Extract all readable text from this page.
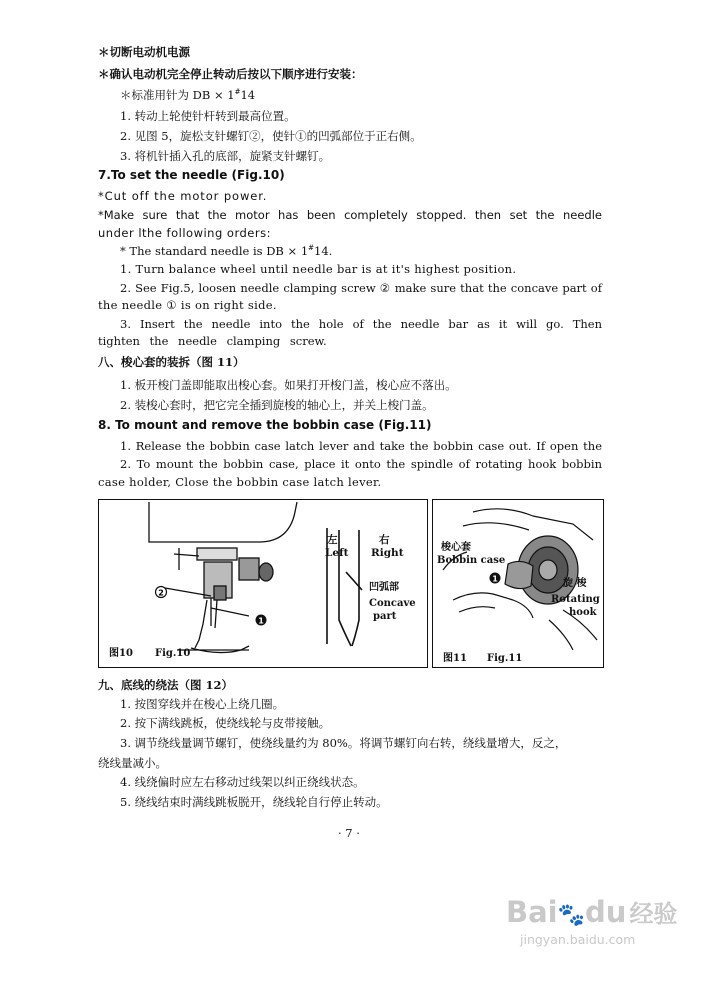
＊切断电动机电源
＊确认电动机完全停止转动后按以下顺序进行安装：
＊标准用针为 DB × 1#14
1. 转动上轮使针杆转到最高位置。
2. 见图 5，旋松支针螺钉②，使针①的凹弧部位于正右侧。
3. 将机针插入孔的底部，旋紧支针螺钉。
7.To set the needle (Fig.10)
*Cut off the motor power.
*Make sure that the motor has been completely stopped. then set the needle
under lthe following orders:
* The standard needle is DB × 1#14.
1. Turn balance wheel until needle bar is at it's highest position.
2. See Fig.5, loosen needle clamping screw ② make sure that the concave part of
the needle ① is on right side.
3. Insert the needle into the hole of the needle bar as it will go. Then
tighten the needle clamping screw.
八、梭心套的装拆（图 11）
1. 板开梭门盖即能取出梭心套。如果打开梭门盖，梭心应不落出。
2. 装梭心套时，把它完全插到旋梭的轴心上，并关上梭门盖。
8. To mount and remove the bobbin case (Fig.11)
1. Release the bobbin case latch lever and take the bobbin case out. If open the
2. To mount the bobbin case, place it onto the spindle of rotating hook bobbin
case holder, Close the bobbin case latch lever.
2
1
左
Left
右
Right
凹弧部
Concave
part
图10 Fig.10
1
梭心套
Bobbin case
旋 梭
Rotating
hook
图11 Fig.11
九、底线的绕法（图 12）
1. 按图穿线并在梭心上绕几圈。
2. 按下满线跳板，使绕线轮与皮带接触。
3. 调节绕线量调节螺钉，使绕线量约为 80%。将调节螺钉向右转，绕线量增大，反之，
绕线量减小。
4. 线绕偏时应左右移动过线架以纠正绕线状态。
5. 绕线结束时满线跳板脱开，绕线轮自行停止转动。
· 7 ·
Bai🐾du 经验
jingyan.baidu.com
